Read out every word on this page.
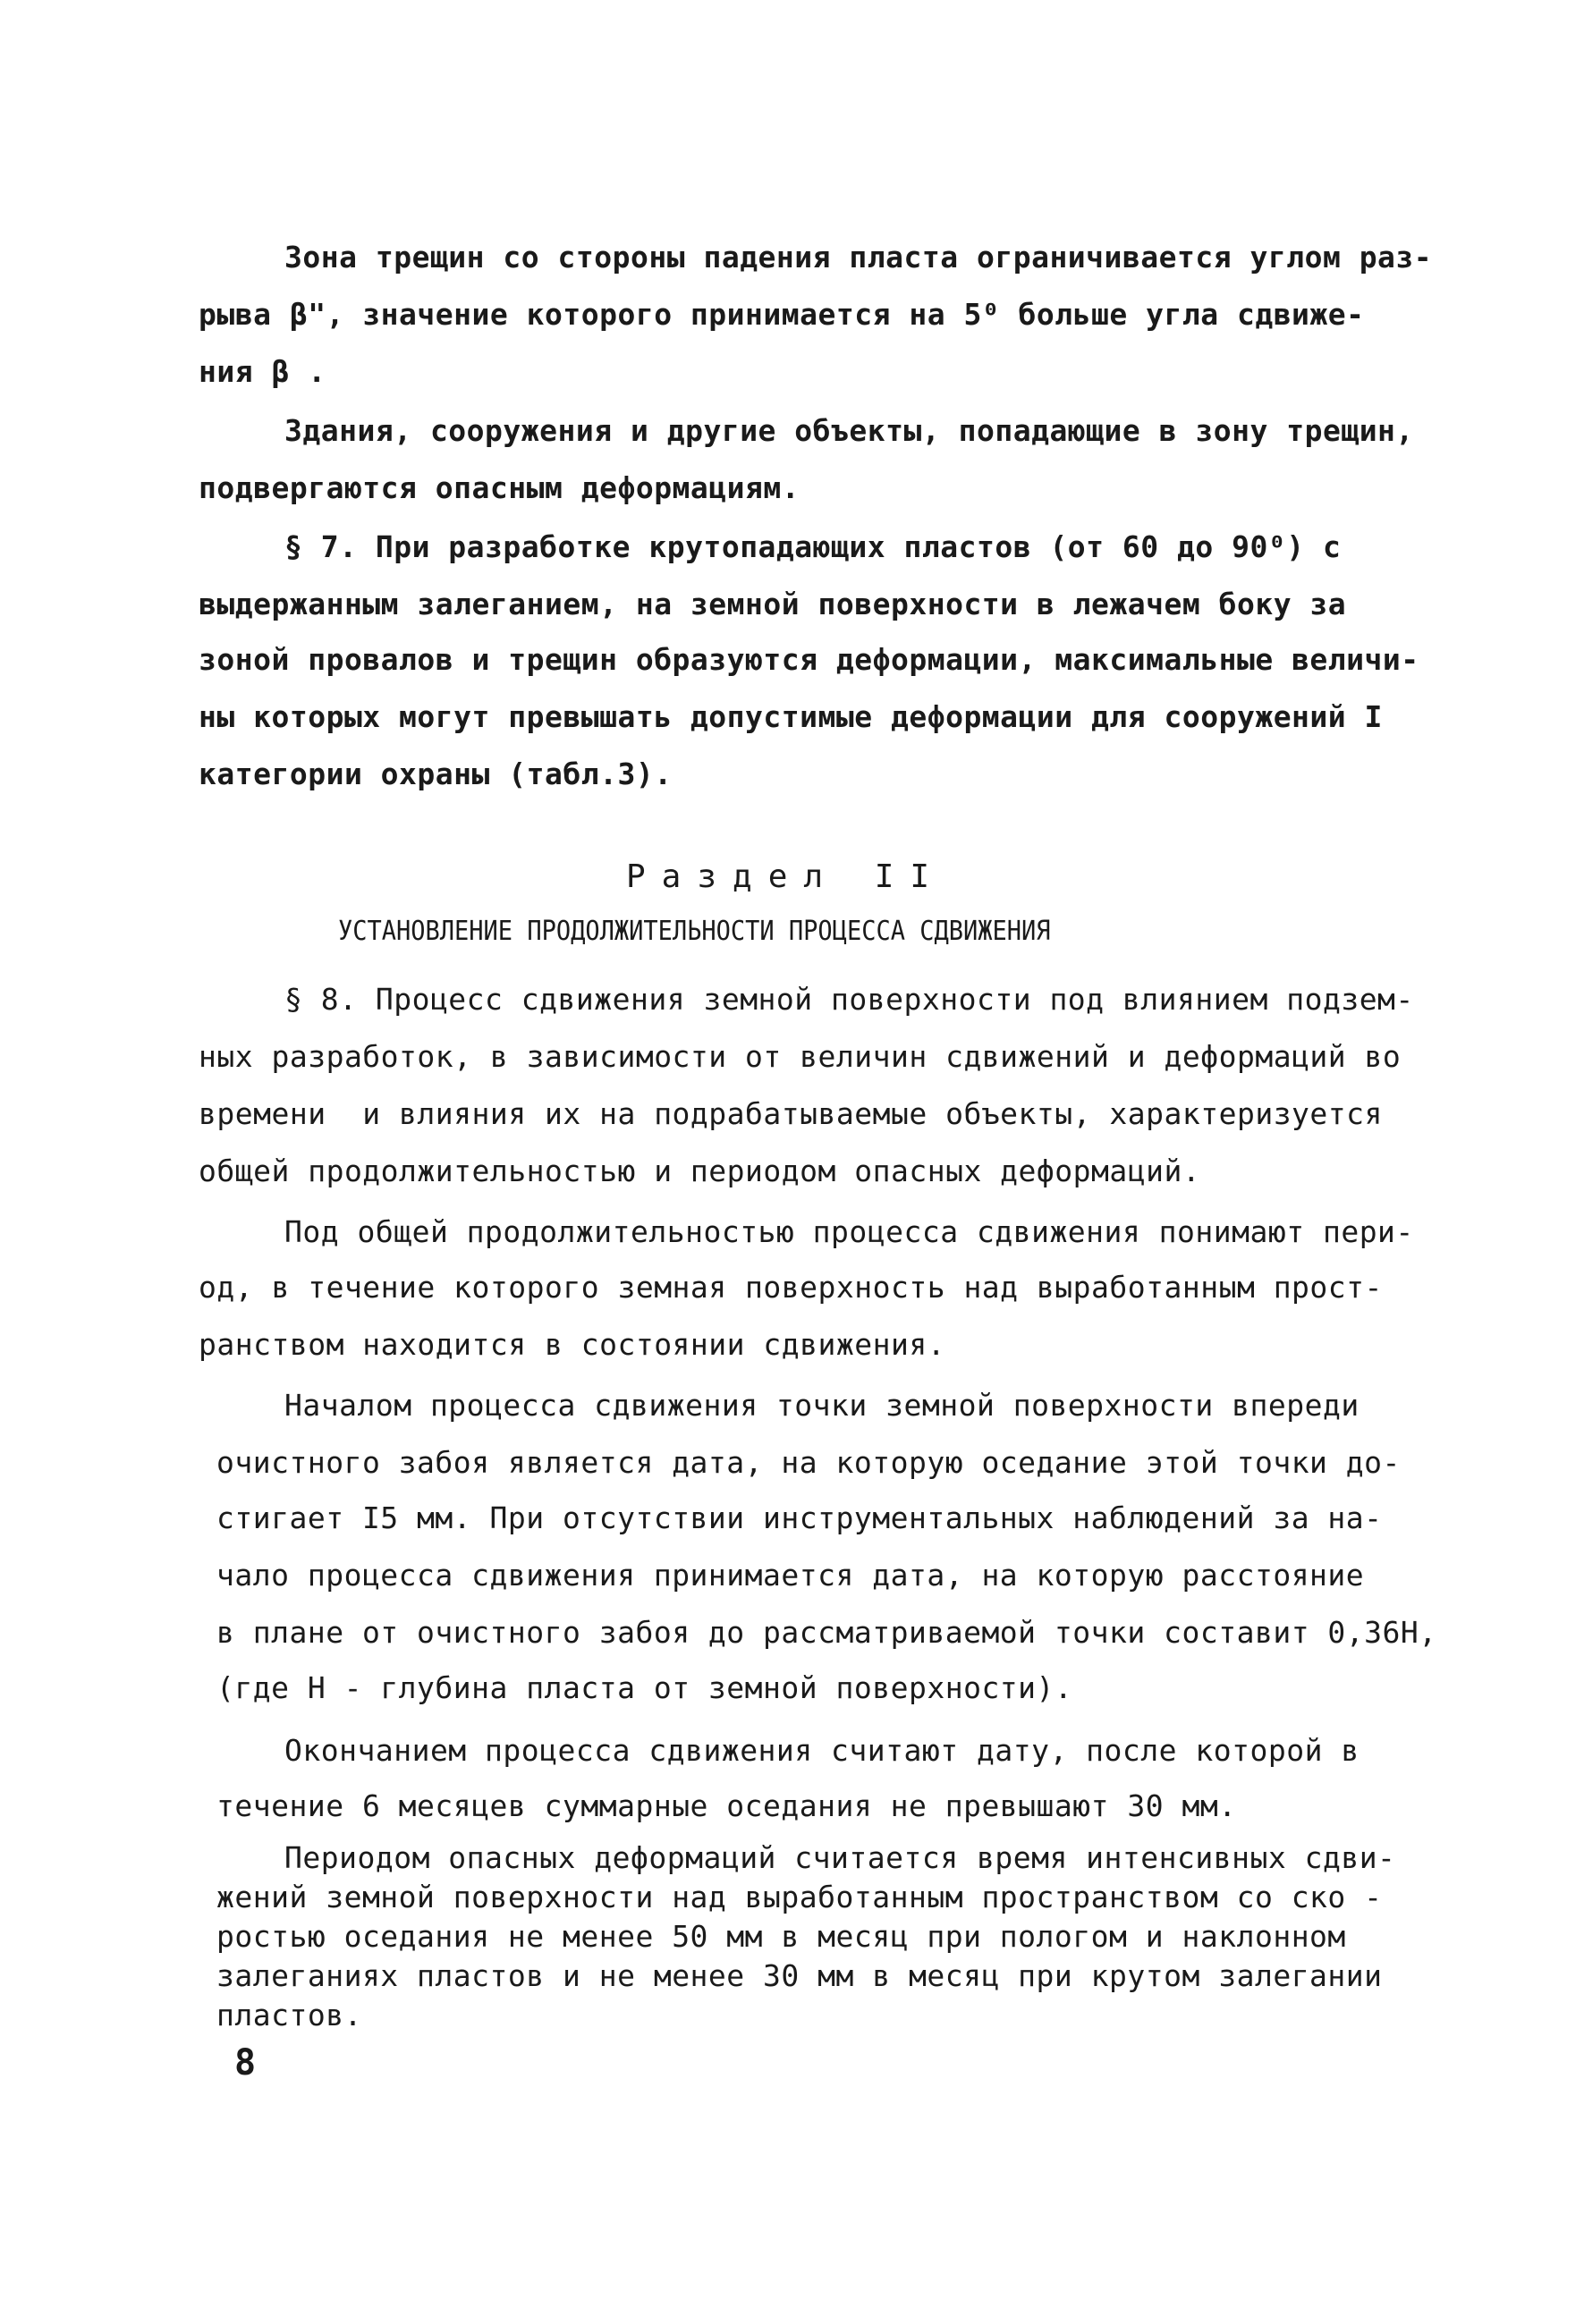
Зона трещин со стороны падения пласта ограничивается углом раз-
рыва β", значение которого принимается на 5⁰ больше угла сдвиже-
ния β .
Здания, сооружения и другие объекты, попадающие в зону трещин,
подвергаются опасным деформациям.
§ 7. При разработке крутопадающих пластов (от 60 до 90⁰) с
выдержанным залеганием, на земной поверхности в лежачем боку за
зоной провалов и трещин образуются деформации, максимальные величи-
ны которых могут превышать допустимые деформации для сооружений I
категории охраны (табл.3).
Раздел II
УСТАНОВЛЕНИЕ ПРОДОЛЖИТЕЛЬНОСТИ ПРОЦЕССА СДВИЖЕНИЯ
§ 8. Процесс сдвижения земной поверхности под влиянием подзем-
ных разработок, в зависимости от величин сдвижений и деформаций во
времени  и влияния их на подрабатываемые объекты, характеризуется
общей продолжительностью и периодом опасных деформаций.
Под общей продолжительностью процесса сдвижения понимают пери-
од, в течение которого земная поверхность над выработанным прост-
ранством находится в состоянии сдвижения.
Началом процесса сдвижения точки земной поверхности впереди
очистного забоя является дата, на которую оседание этой точки до-
стигает I5 мм. При отсутствии инструментальных наблюдений за на-
чало процесса сдвижения принимается дата, на которую расстояние
в плане от очистного забоя до рассматриваемой точки составит 0,36Н,
(где Н - глубина пласта от земной поверхности).
Окончанием процесса сдвижения считают дату, после которой в
течение 6 месяцев суммарные оседания не превышают 30 мм.
Периодом опасных деформаций считается время интенсивных сдви-
жений земной поверхности над выработанным пространством со ско -
ростью оседания не менее 50 мм в месяц при пологом и наклонном
залеганиях пластов и не менее 30 мм в месяц при крутом залегании
пластов.
8
